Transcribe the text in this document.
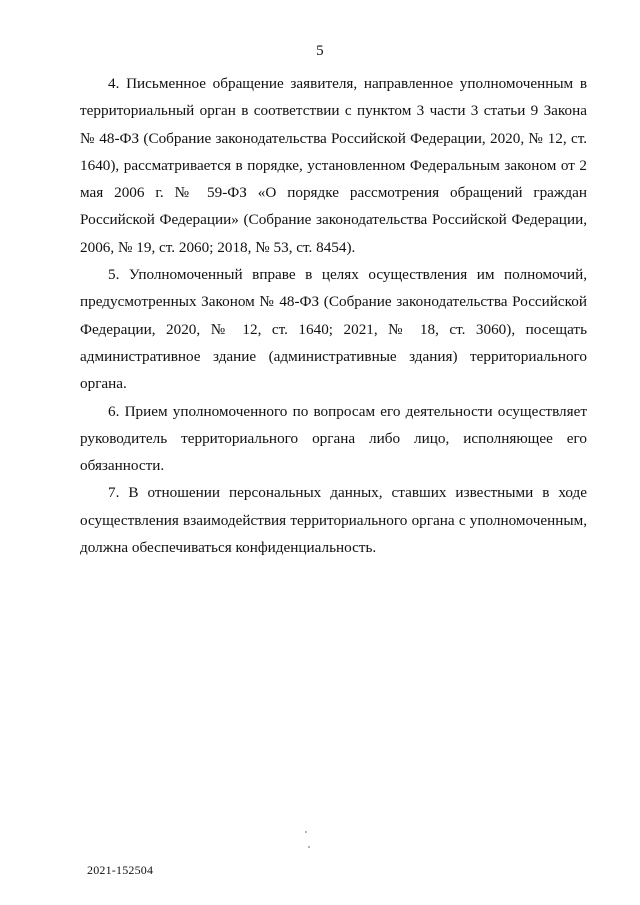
5

4. Письменное обращение заявителя, направленное уполномоченным в территориальный орган в соответствии с пунктом 3 части 3 статьи 9 Закона № 48-ФЗ (Собрание законодательства Российской Федерации, 2020, № 12, ст. 1640), рассматривается в порядке, установленном Федеральным законом от 2 мая 2006 г. № 59-ФЗ «О порядке рассмотрения обращений граждан Российской Федерации» (Собрание законодательства Российской Федерации, 2006, № 19, ст. 2060; 2018, № 53, ст. 8454).

5. Уполномоченный вправе в целях осуществления им полномочий, предусмотренных Законом № 48-ФЗ (Собрание законодательства Российской Федерации, 2020, № 12, ст. 1640; 2021, № 18, ст. 3060), посещать административное здание (административные здания) территориального органа.

6. Прием уполномоченного по вопросам его деятельности осуществляет руководитель территориального органа либо лицо, исполняющее его обязанности.

7. В отношении персональных данных, ставших известными в ходе осуществления взаимодействия территориального органа с уполномоченным, должна обеспечиваться конфиденциальность.

2021-152504
